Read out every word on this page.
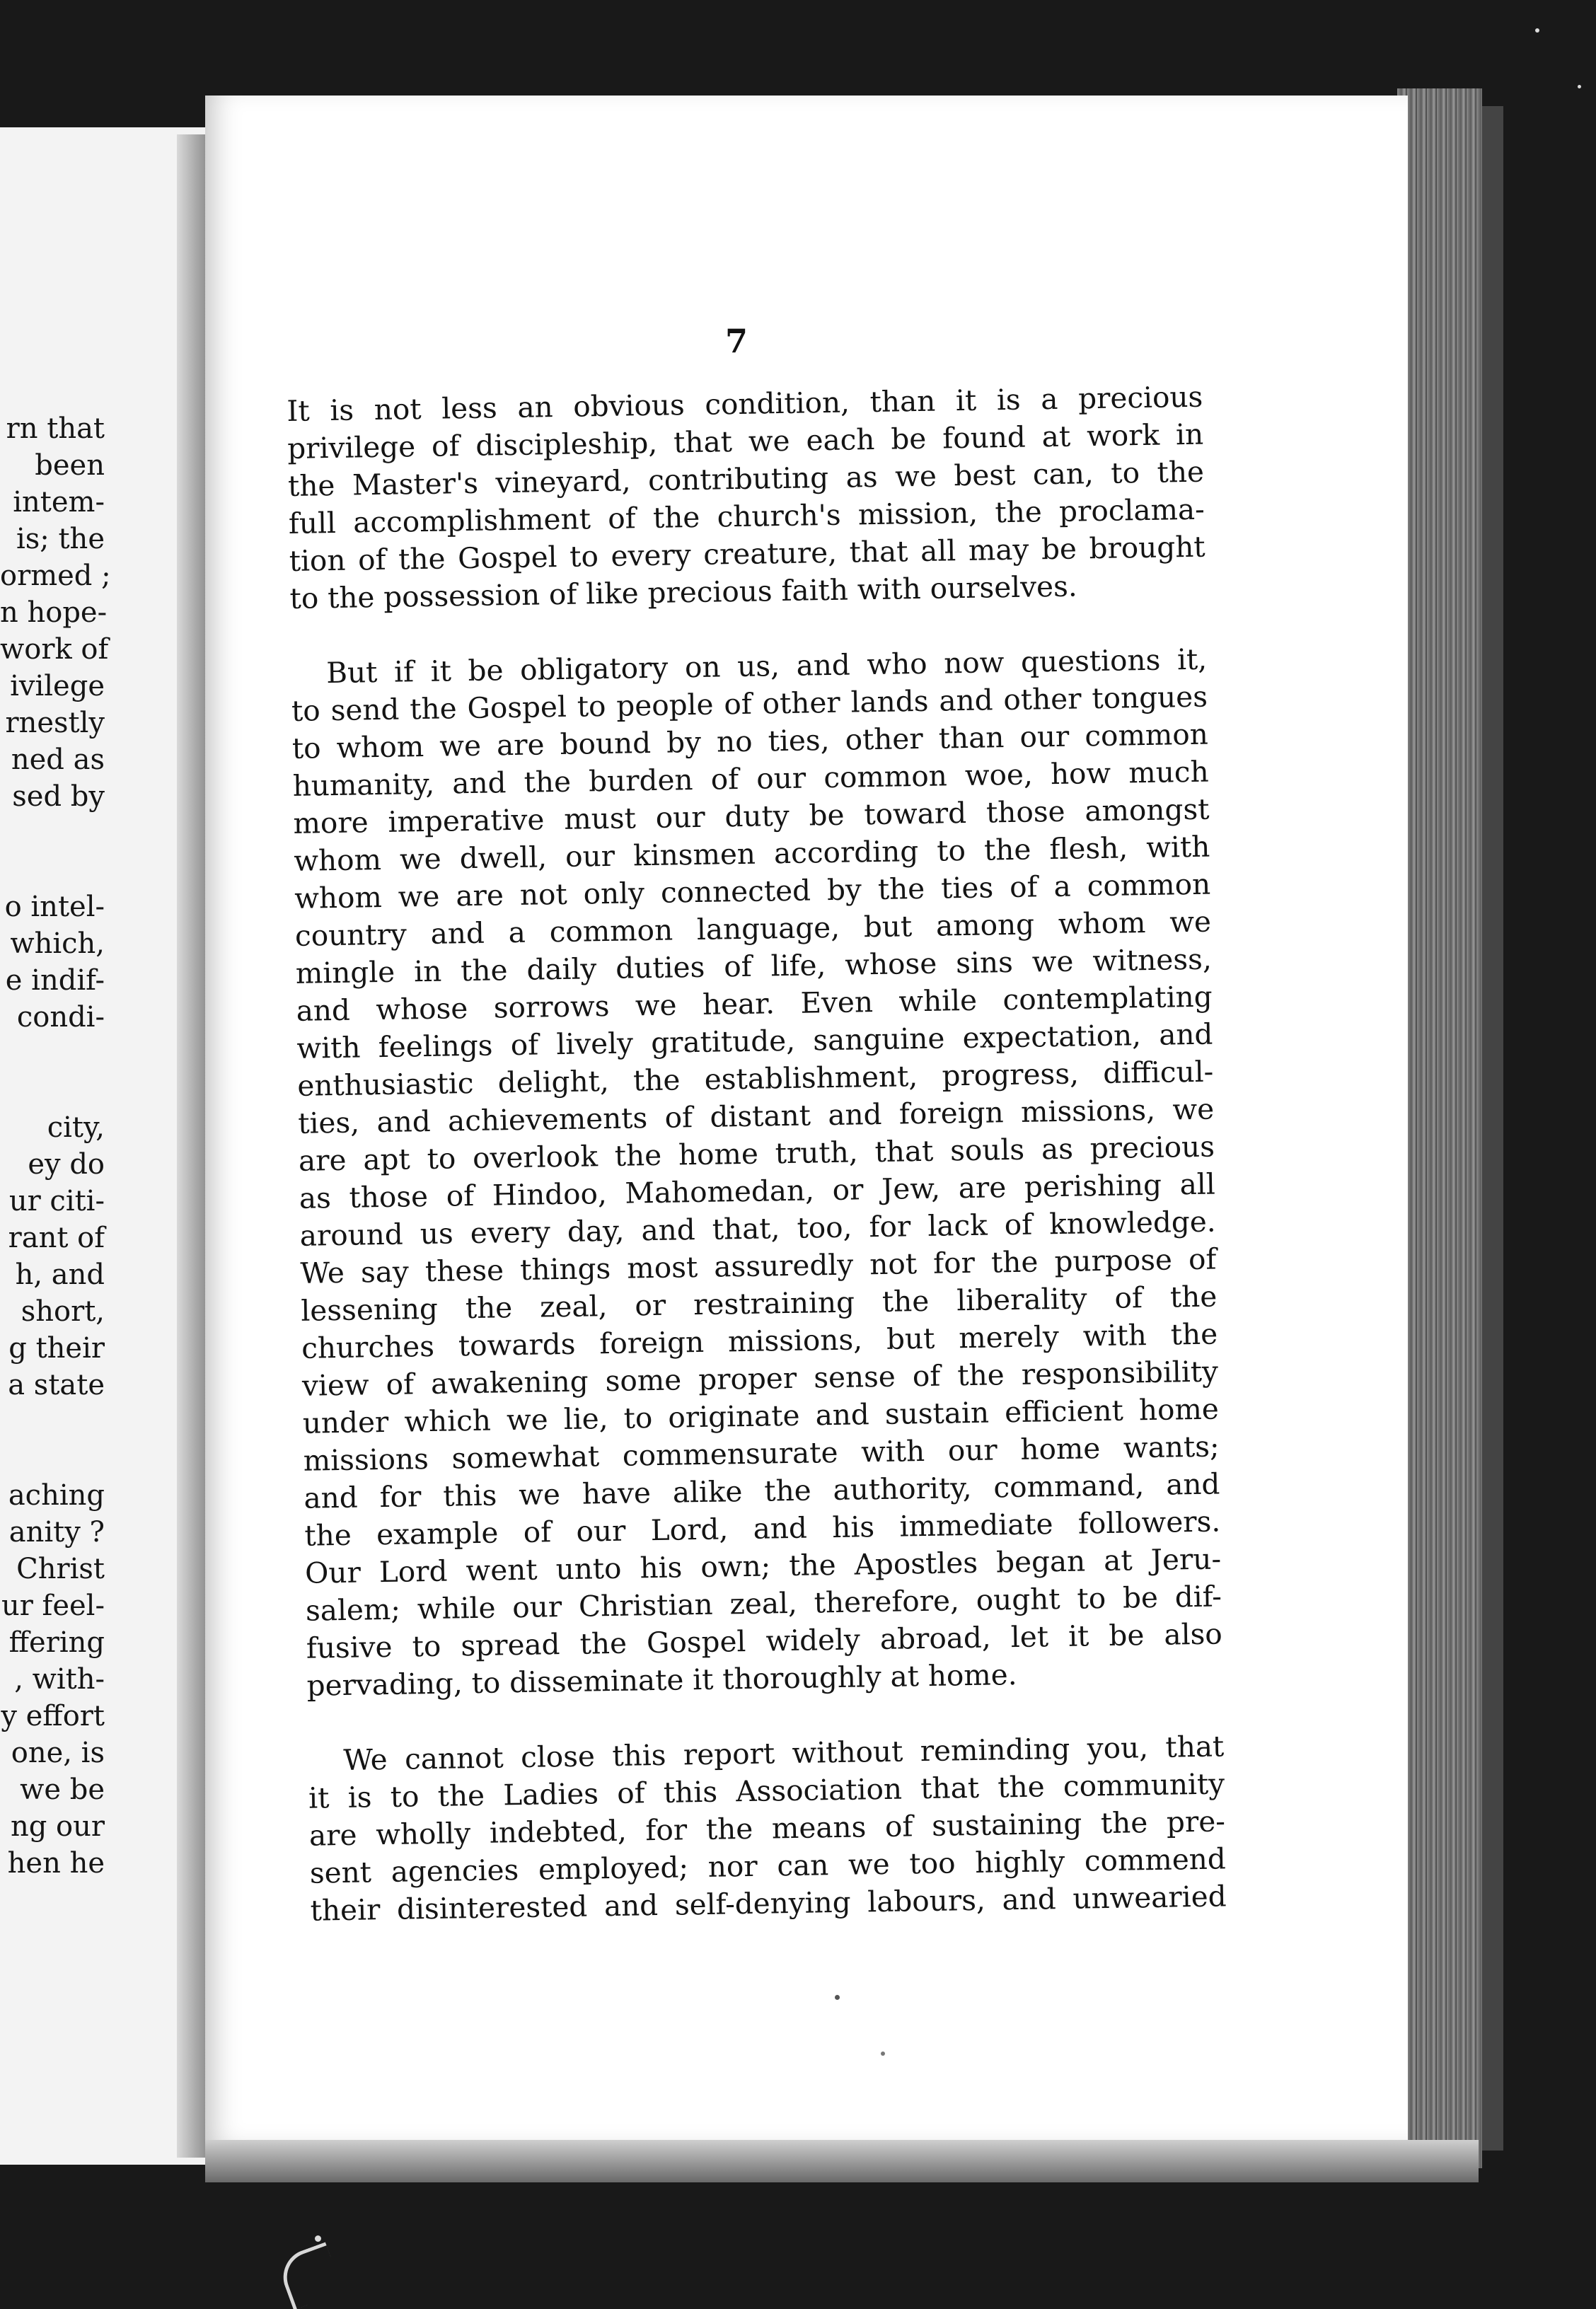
rn that
been
intem-
is; the
ormed ;
n hope-
work of
ivilege
rnestly
ned as
sed by
o intel-
which,
e indif-
condi-
city,
ey do
ur citi-
rant of
h, and
short,
g their
a state
aching
anity ?
Christ
ur feel-
ffering
, with-
y effort
one, is
we be
ng our
hen he
7
It is not less an obvious condition, than it is a precious
privilege of discipleship, that we each be found at work in
the Master's vineyard, contributing as we best can, to the
full accomplishment of the church's mission, the proclama-
tion of the Gospel to every creature, that all may be brought
to the possession of like precious faith with ourselves.
But if it be obligatory on us, and who now questions it,
to send the Gospel to people of other lands and other tongues
to whom we are bound by no ties, other than our common
humanity, and the burden of our common woe, how much
more imperative must our duty be toward those amongst
whom we dwell, our kinsmen according to the flesh, with
whom we are not only connected by the ties of a common
country and a common language, but among whom we
mingle in the daily duties of life, whose sins we witness,
and whose sorrows we hear. Even while contemplating
with feelings of lively gratitude, sanguine expectation, and
enthusiastic delight, the establishment, progress, difficul-
ties, and achievements of distant and foreign missions, we
are apt to overlook the home truth, that souls as precious
as those of Hindoo, Mahomedan, or Jew, are perishing all
around us every day, and that, too, for lack of knowledge.
We say these things most assuredly not for the purpose of
lessening the zeal, or restraining the liberality of the
churches towards foreign missions, but merely with the
view of awakening some proper sense of the responsibility
under which we lie, to originate and sustain efficient home
missions somewhat commensurate with our home wants;
and for this we have alike the authority, command, and
the example of our Lord, and his immediate followers.
Our Lord went unto his own; the Apostles began at Jeru-
salem; while our Christian zeal, therefore, ought to be dif-
fusive to spread the Gospel widely abroad, let it be also
pervading, to disseminate it thoroughly at home.
We cannot close this report without reminding you, that
it is to the Ladies of this Association that the community
are wholly indebted, for the means of sustaining the pre-
sent agencies employed; nor can we too highly commend
their disinterested and self-denying labours, and unwearied
